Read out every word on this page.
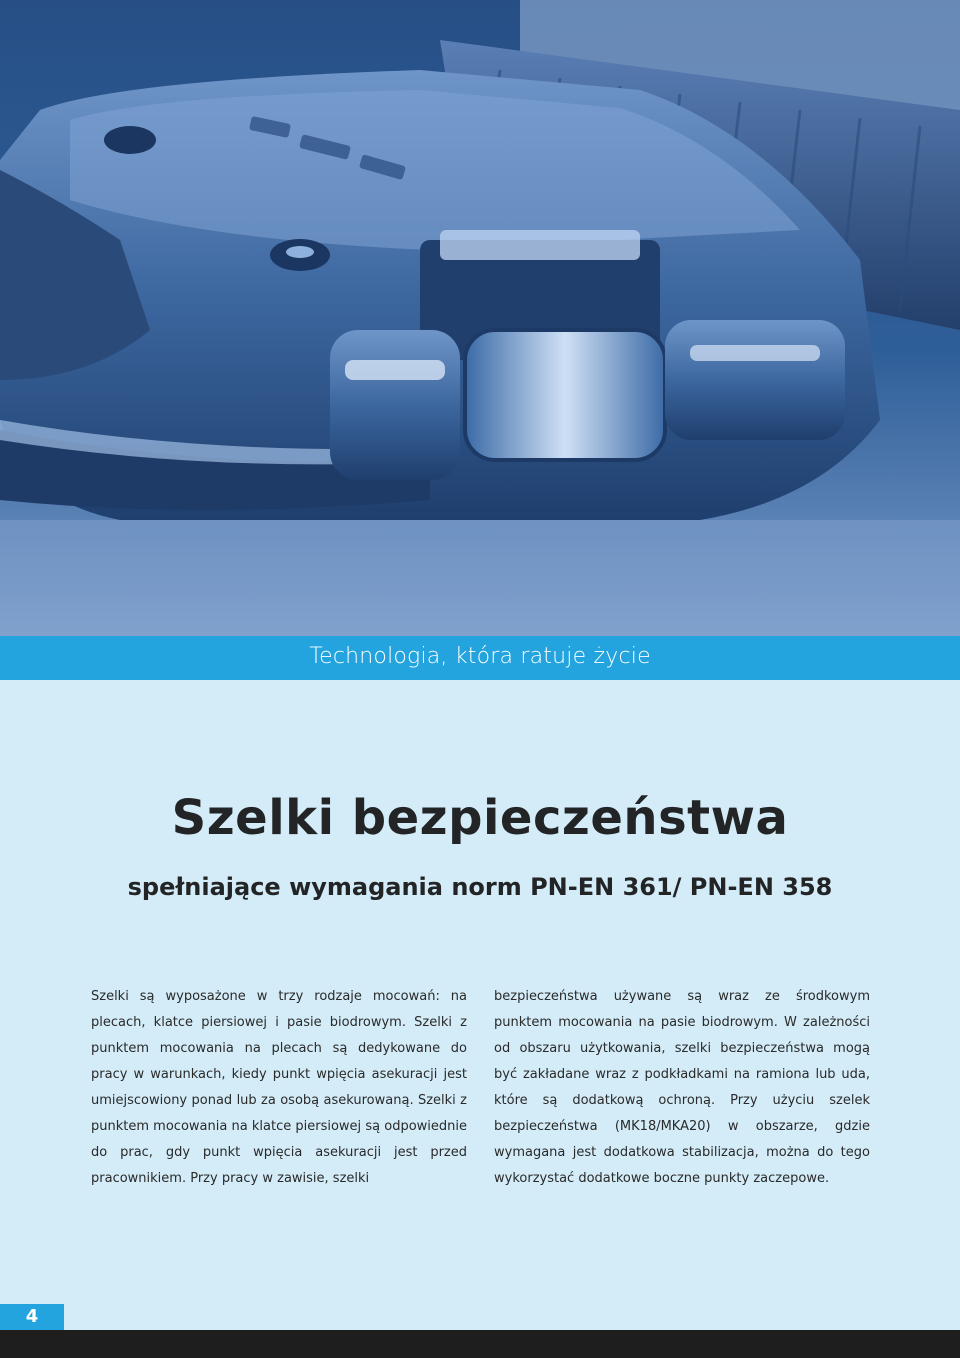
Technologia, która ratuje życie
Szelki bezpieczeństwa
spełniające wymagania norm PN-EN 361/ PN-EN 358

Szelki są wyposażone w trzy rodzaje mocowań: na plecach, klatce piersiowej i pasie biodrowym. Szelki z punktem mocowania na plecach są dedykowane do pracy w warunkach, kiedy punkt wpięcia asekuracji jest umiejscowiony ponad lub za osobą asekurowaną. Szelki z punktem mocowania na klatce piersiowej są odpowiednie do prac, gdy punkt wpięcia asekuracji jest przed pracownikiem. Przy pracy w zawisie, szelki

bezpieczeństwa używane są wraz ze środkowym punktem mocowania na pasie biodrowym. W zależności od obszaru użytkowania, szelki bezpieczeństwa mogą być zakładane wraz z podkładkami na ramiona lub uda, które są dodatkową ochroną. Przy użyciu szelek bezpieczeństwa (MK18/MKA20) w obszarze, gdzie wymagana jest dodatkowa stabilizacja, można do tego wykorzystać dodatkowe boczne punkty zaczepowe.

4
